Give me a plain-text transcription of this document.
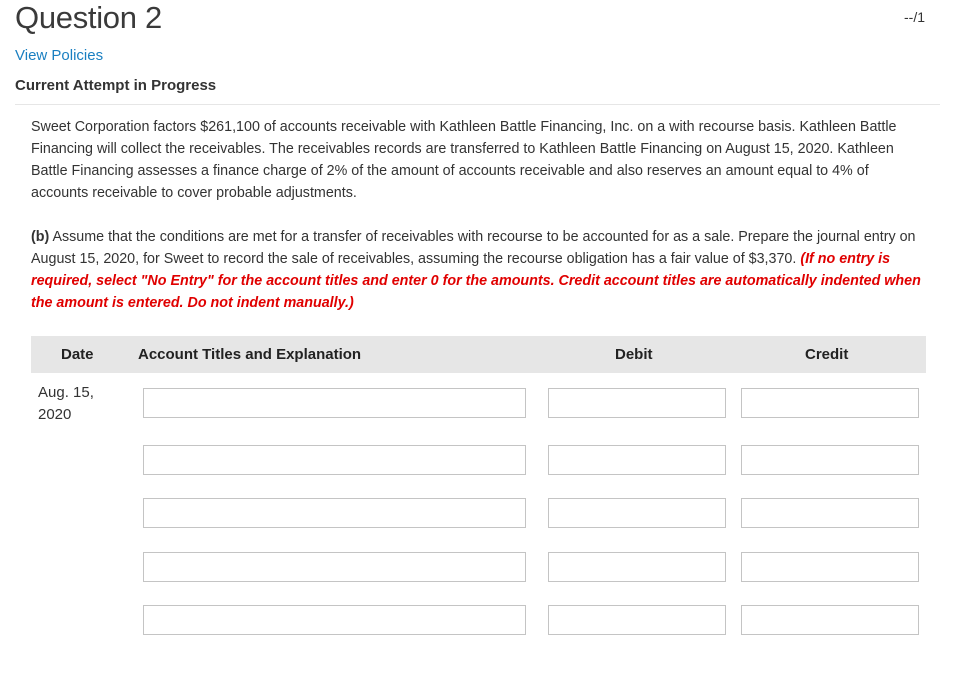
Question 2	--/1
View Policies
Current Attempt in Progress
Sweet Corporation factors $261,100 of accounts receivable with Kathleen Battle Financing, Inc. on a with recourse basis. Kathleen Battle Financing will collect the receivables. The receivables records are transferred to Kathleen Battle Financing on August 15, 2020. Kathleen Battle Financing assesses a finance charge of 2% of the amount of accounts receivable and also reserves an amount equal to 4% of accounts receivable to cover probable adjustments.
(b) Assume that the conditions are met for a transfer of receivables with recourse to be accounted for as a sale. Prepare the journal entry on August 15, 2020, for Sweet to record the sale of receivables, assuming the recourse obligation has a fair value of $3,370. (If no entry is required, select "No Entry" for the account titles and enter 0 for the amounts. Credit account titles are automatically indented when the amount is entered. Do not indent manually.)
Date	Account Titles and Explanation	Debit	Credit
Aug. 15,
2020
